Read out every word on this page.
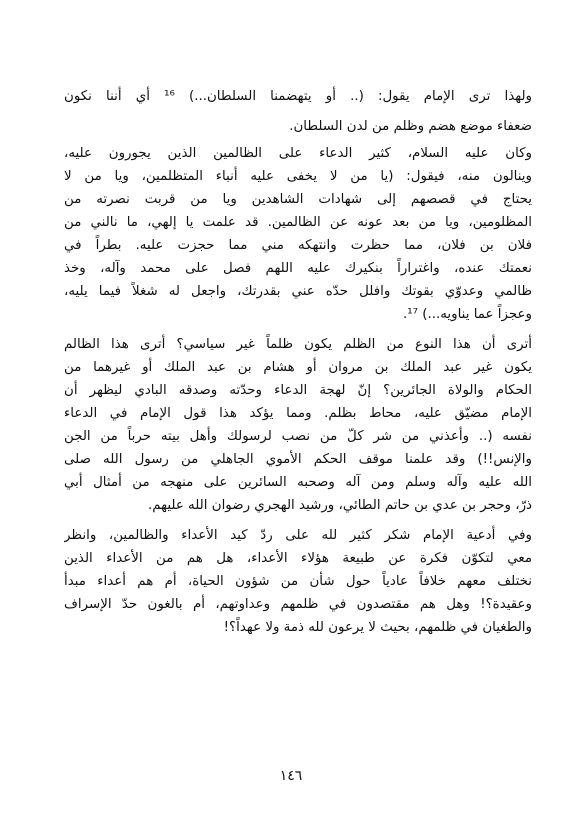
ولهذا ترى الإمام يقول: (.. أو يتهضمنا السلطان...) ¹⁶ أي أننا نكون
ضعفاء موضع هضم وظلم من لدن السلطان.
وكان عليه السلام، كثير الدعاء على الظالمين الذين يجورون عليه،
وينالون منه، فيقول: (يا من لا يخفى عليه أنباء المتظلمين، ويا من لا
يحتاج في قصصهم إلى شهادات الشاهدين ويا من قربت نصرته من
المظلومين، ويا من بعد عونه عن الظالمين. قد علمت يا إلهي، ما نالني من
فلان بن فلان، مما حظرت وانتهكه مني مما حجزت عليه. بطراً في
نعمتك عنده، واغتراراً بنكيرك عليه اللهم فصل على محمد وآله، وخذ
ظالمي وعدوّي بقوتك وافلل حدّه عني بقدرتك، واجعل له شغلاً فيما يليه،
وعجزاً عما يناويه...) ¹⁷.
أترى أن هذا النوع من الظلم يكون ظلماً غير سياسي؟ أترى هذا الظالم
يكون غير عبد الملك بن مروان أو هشام بن عبد الملك أو غيرهما من
الحكام والولاة الجائرين؟ إنّ لهجة الدعاء وحدّته وصدقه البادي ليظهر أن
الإمام مضيّق عليه، محاط بظلم. ومما يؤكد هذا قول الإمام في الدعاء
نفسه (.. وأعذني من شر كلّ من نصب لرسولك وأهل بيته حرباً من الجن
والإنس!!) وقد علمنا موقف الحكم الأموي الجاهلي من رسول الله صلى
الله عليه وآله وسلم ومن آله وصحبه السائرين على منهجه من أمثال أبي
ذرّ، وحجر بن عدي بن حاتم الطائي، ورشيد الهجري رضوان الله عليهم.
وفي أدعية الإمام شكر كثير لله على ردّ كيد الأعداء والظالمين، وانظر
معي لتكوّن فكرة عن طبيعة هؤلاء الأعداء، هل هم من الأعداء الذين
نختلف معهم خلافاً عادياً حول شأن من شؤون الحياة، أم هم أعداء مبدأ
وعقيدة؟! وهل هم مقتصدون في ظلمهم وعداوتهم، أم بالغون حدّ الإسراف
والطغيان في ظلمهم، بحيث لا يرعون لله ذمة ولا عهداً؟!
١٤٦
